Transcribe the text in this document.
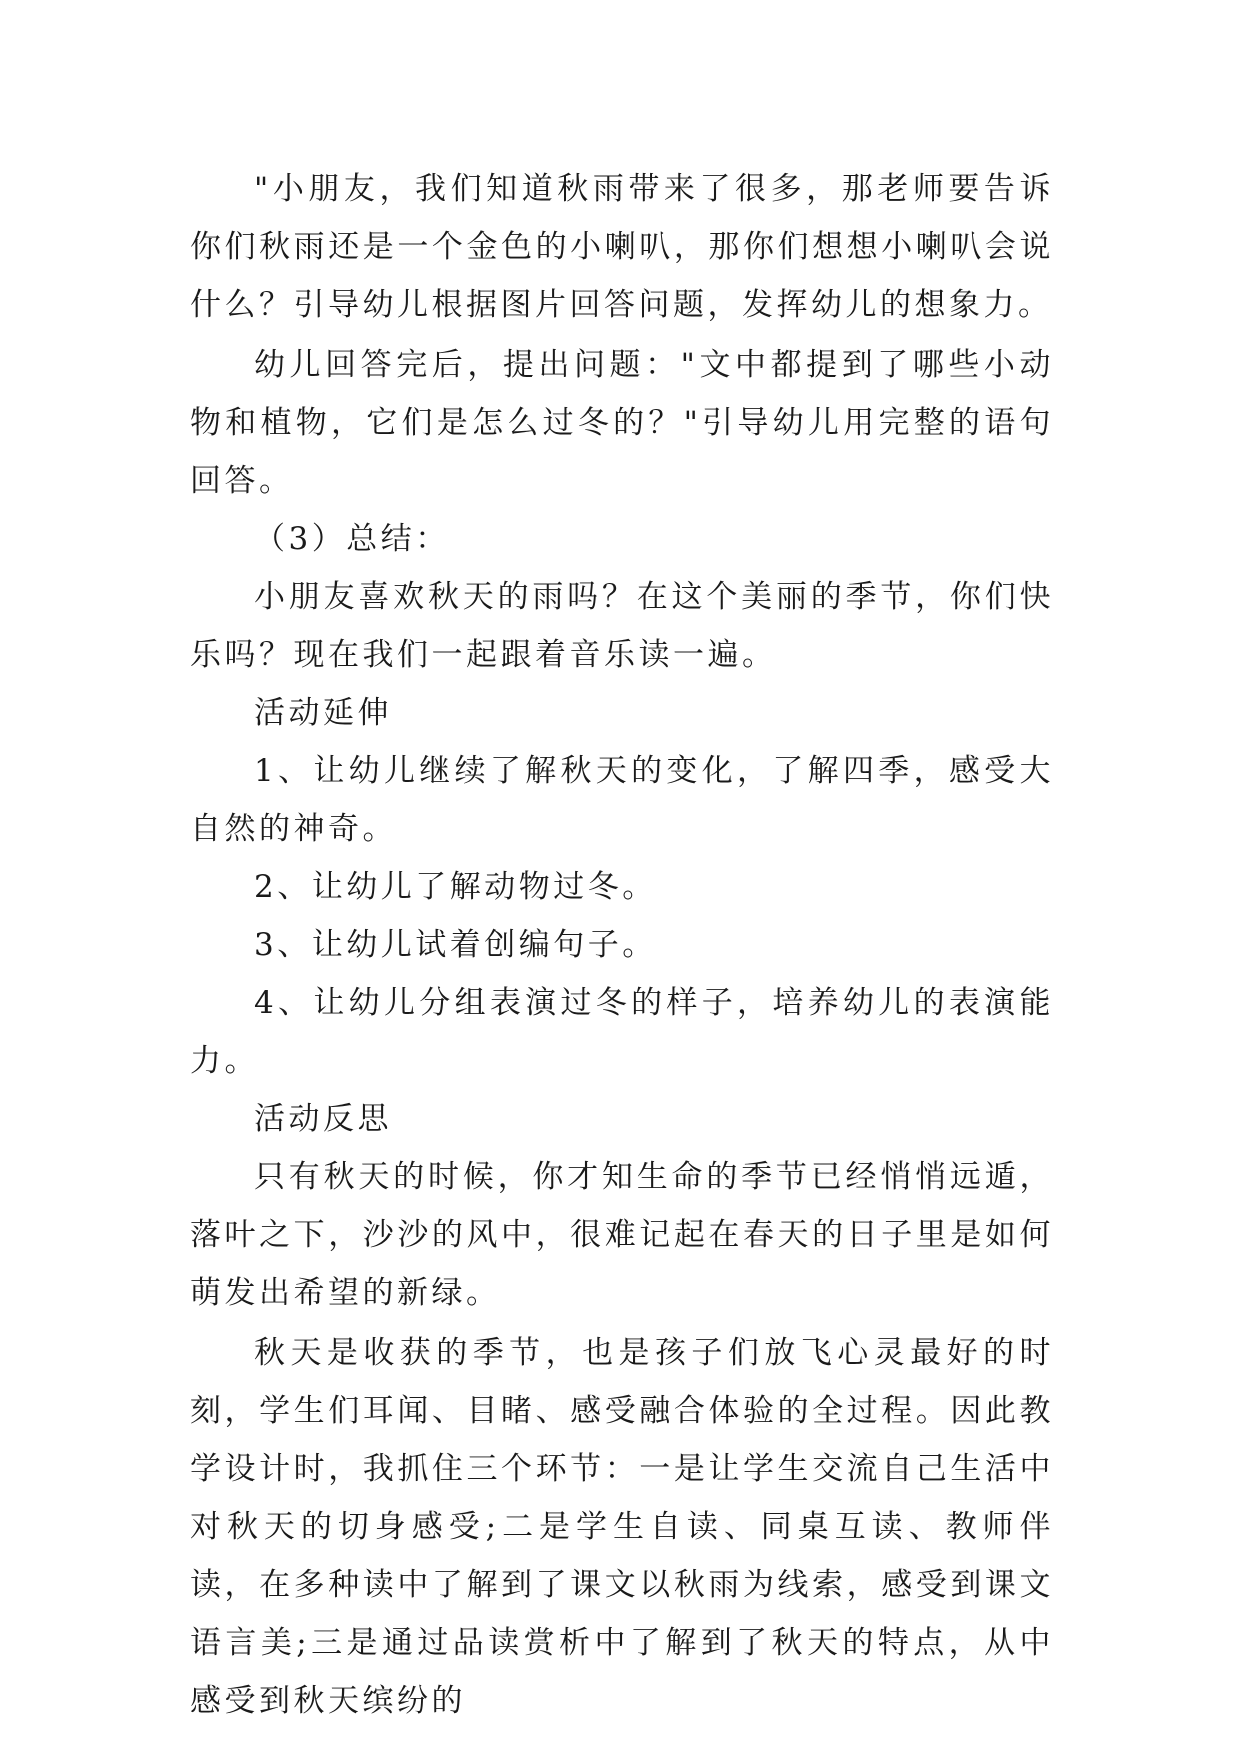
"小朋友，我们知道秋雨带来了很多，那老师要告诉你们秋雨还是一个金色的小喇叭，那你们想想小喇叭会说什么？引导幼儿根据图片回答问题，发挥幼儿的想象力。

幼儿回答完后，提出问题："文中都提到了哪些小动物和植物，它们是怎么过冬的？"引导幼儿用完整的语句回答。

（3）总结：

小朋友喜欢秋天的雨吗？在这个美丽的季节，你们快乐吗？现在我们一起跟着音乐读一遍。

活动延伸

1、让幼儿继续了解秋天的变化，了解四季，感受大自然的神奇。

2、让幼儿了解动物过冬。

3、让幼儿试着创编句子。

4、让幼儿分组表演过冬的样子，培养幼儿的表演能力。

活动反思

只有秋天的时候，你才知生命的季节已经悄悄远遁，落叶之下，沙沙的风中，很难记起在春天的日子里是如何萌发出希望的新绿。

秋天是收获的季节，也是孩子们放飞心灵最好的时刻，学生们耳闻、目睹、感受融合体验的全过程。因此教学设计时，我抓住三个环节：一是让学生交流自己生活中对秋天的切身感受;二是学生自读、同桌互读、教师伴读，在多种读中了解到了课文以秋雨为线索，感受到课文语言美;三是通过品读赏析中了解到了秋天的特点，从中感受到秋天缤纷的
